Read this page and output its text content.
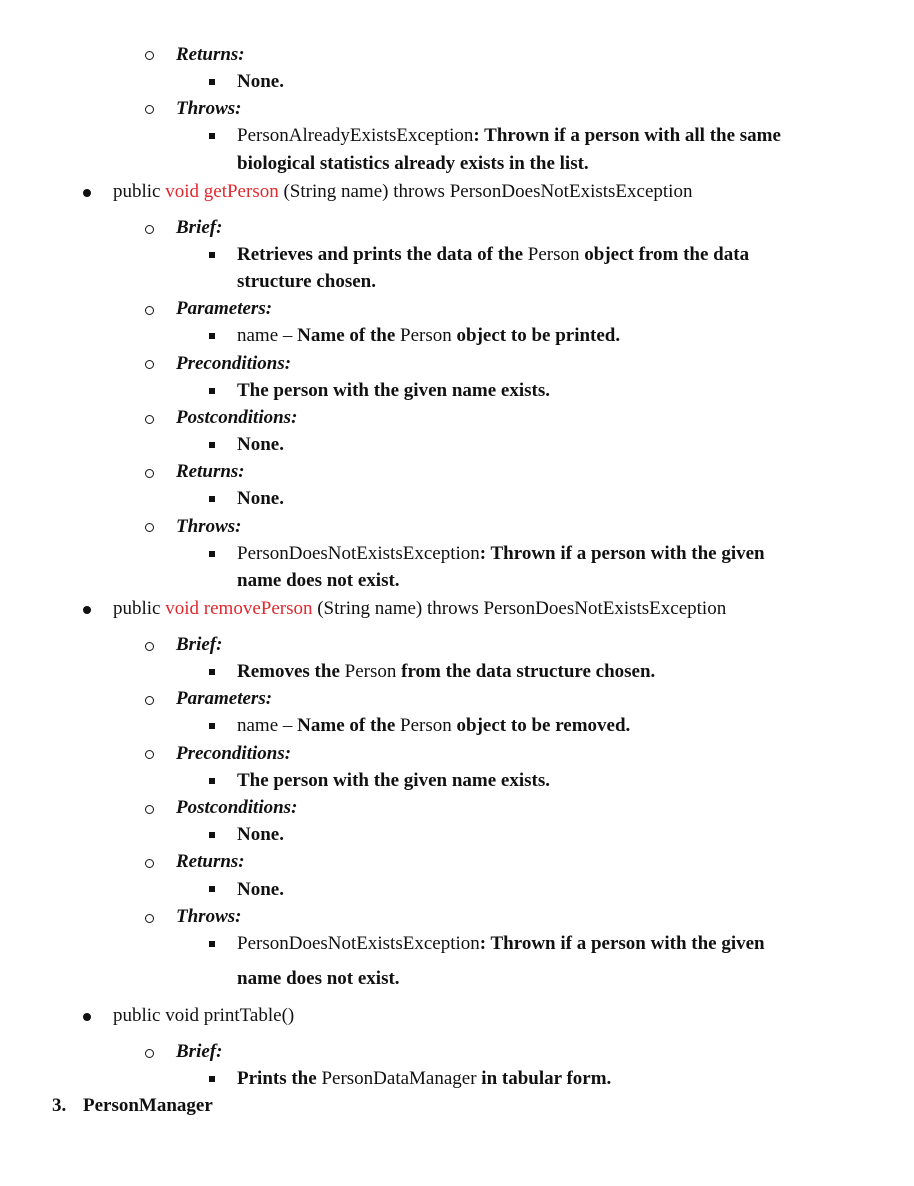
Returns:
None.
Throws:
PersonAlreadyExistsException: Thrown if a person with all the same
biological statistics already exists in the list.
public void getPerson (String name) throws PersonDoesNotExistsException
Brief:
Retrieves and prints the data of the Person object from the data
structure chosen.
Parameters:
name – Name of the Person object to be printed.
Preconditions:
The person with the given name exists.
Postconditions:
None.
Returns:
None.
Throws:
PersonDoesNotExistsException: Thrown if a person with the given
name does not exist.
public void removePerson (String name) throws PersonDoesNotExistsException
Brief:
Removes the Person from the data structure chosen.
Parameters:
name – Name of the Person object to be removed.
Preconditions:
The person with the given name exists.
Postconditions:
None.
Returns:
None.
Throws:
PersonDoesNotExistsException: Thrown if a person with the given
name does not exist.
public void printTable()
Brief:
Prints the PersonDataManager in tabular form.
3. PersonManager
